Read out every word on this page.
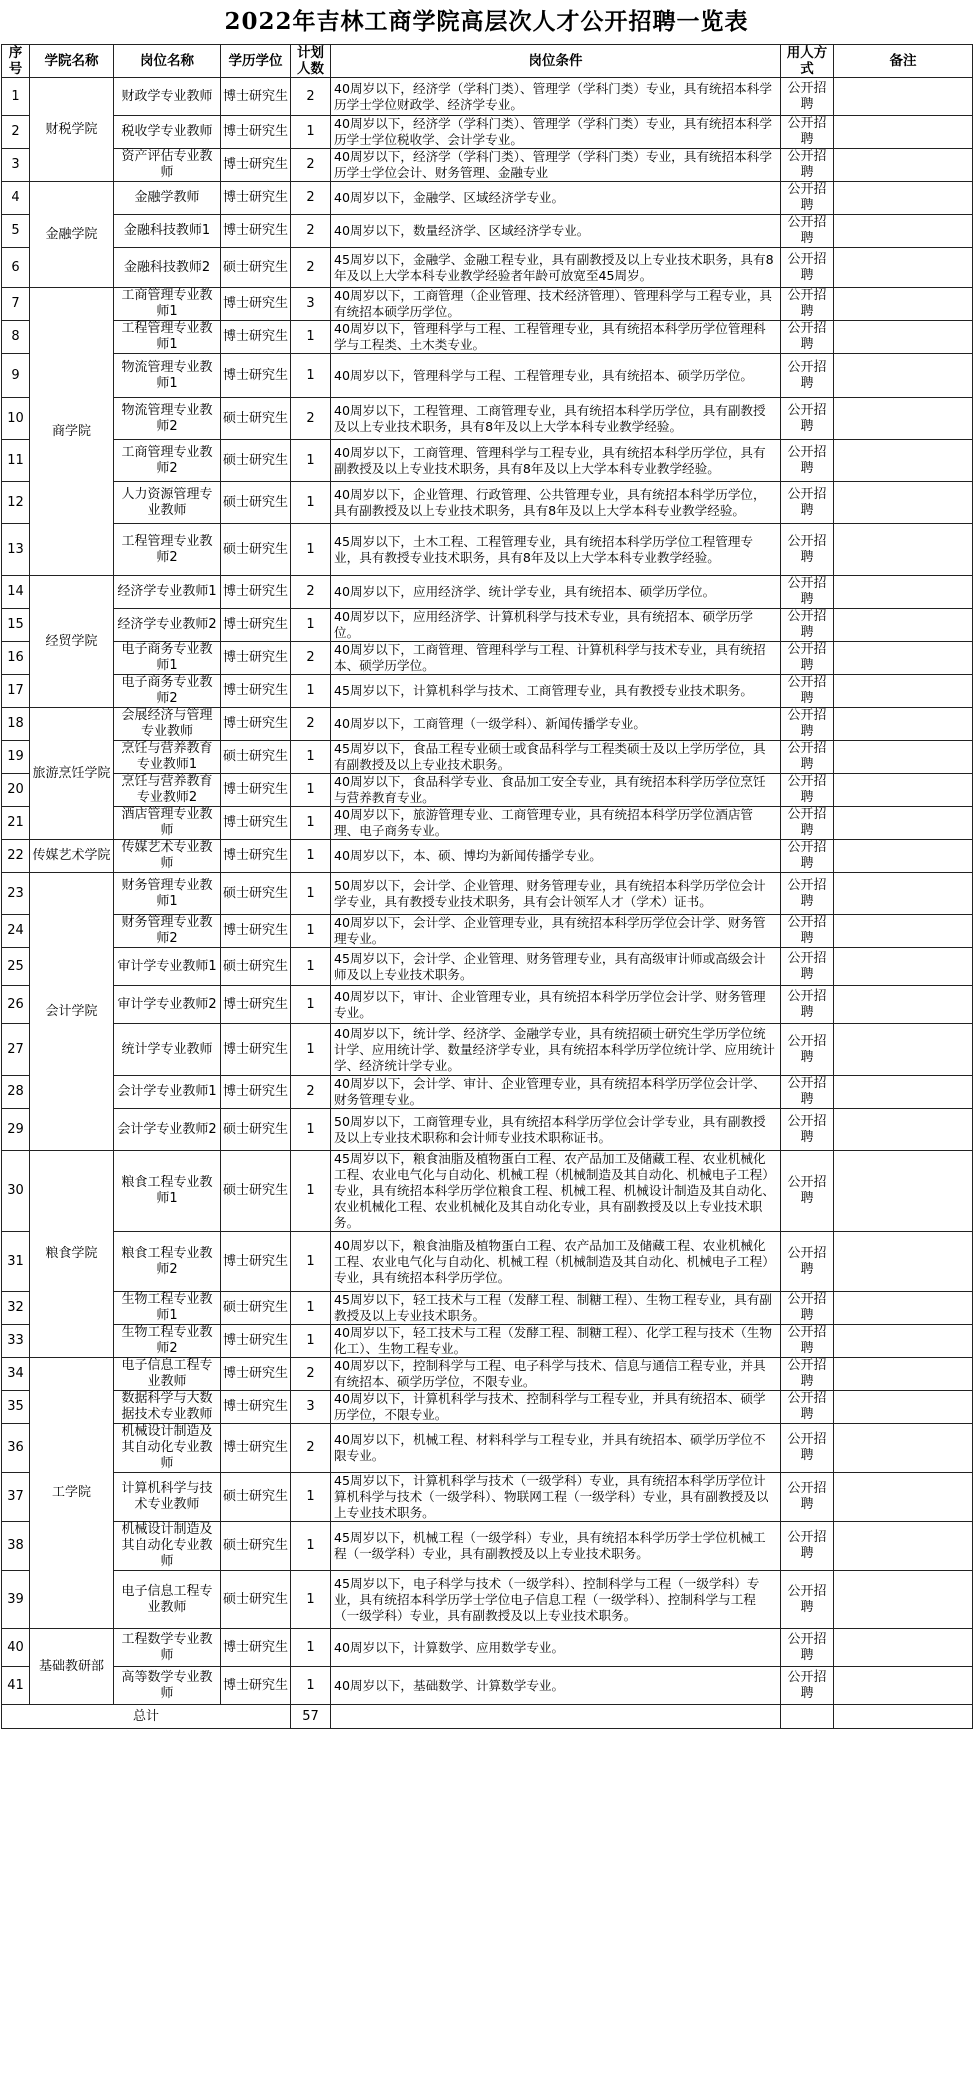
2022年吉林工商学院高层次人才公开招聘一览表
序号	学院名称	岗位名称	学历学位	计划人数	岗位条件	用人方式	备注
1	财税学院	财政学专业教师	博士研究生	2	40周岁以下，经济学（学科门类）、管理学（学科门类）专业，具有统招本科学历学士学位财政学、经济学专业。	公开招聘	
2		税收学专业教师	博士研究生	1	40周岁以下，经济学（学科门类）、管理学（学科门类）专业，具有统招本科学历学士学位税收学、会计学专业。	公开招聘	
3		资产评估专业教师	博士研究生	2	40周岁以下，经济学（学科门类）、管理学（学科门类）专业，具有统招本科学历学士学位会计、财务管理、金融专业	公开招聘	
4	金融学院	金融学教师	博士研究生	2	40周岁以下，金融学、区域经济学专业。	公开招聘	
5		金融科技教师1	博士研究生	2	40周岁以下，数量经济学、区域经济学专业。	公开招聘	
6		金融科技教师2	硕士研究生	2	45周岁以下，金融学、金融工程专业，具有副教授及以上专业技术职务，具有8年及以上大学本科专业教学经验者年龄可放宽至45周岁。	公开招聘	
7	商学院	工商管理专业教师1	博士研究生	3	40周岁以下，工商管理（企业管理、技术经济管理）、管理科学与工程专业，具有统招本硕学历学位。	公开招聘	
8		工程管理专业教师1	博士研究生	1	40周岁以下，管理科学与工程、工程管理专业，具有统招本科学历学位管理科学与工程类、土木类专业。	公开招聘	
9		物流管理专业教师1	博士研究生	1	40周岁以下，管理科学与工程、工程管理专业，具有统招本、硕学历学位。	公开招聘	
10		物流管理专业教师2	硕士研究生	2	40周岁以下，工程管理、工商管理专业，具有统招本科学历学位，具有副教授及以上专业技术职务，具有8年及以上大学本科专业教学经验。	公开招聘	
11		工商管理专业教师2	硕士研究生	1	40周岁以下，工商管理、管理科学与工程专业，具有统招本科学历学位，具有副教授及以上专业技术职务，具有8年及以上大学本科专业教学经验。	公开招聘	
12		人力资源管理专业教师	硕士研究生	1	40周岁以下，企业管理、行政管理、公共管理专业，具有统招本科学历学位，具有副教授及以上专业技术职务，具有8年及以上大学本科专业教学经验。	公开招聘	
13		工程管理专业教师2	硕士研究生	1	45周岁以下，土木工程、工程管理专业，具有统招本科学历学位工程管理专业，具有教授专业技术职务，具有8年及以上大学本科专业教学经验。	公开招聘	
14	经贸学院	经济学专业教师1	博士研究生	2	40周岁以下，应用经济学、统计学专业，具有统招本、硕学历学位。	公开招聘	
15		经济学专业教师2	博士研究生	1	40周岁以下，应用经济学、计算机科学与技术专业，具有统招本、硕学历学位。	公开招聘	
16		电子商务专业教师1	博士研究生	2	40周岁以下，工商管理、管理科学与工程、计算机科学与技术专业，具有统招本、硕学历学位。	公开招聘	
17		电子商务专业教师2	博士研究生	1	45周岁以下，计算机科学与技术、工商管理专业，具有教授专业技术职务。	公开招聘	
18	旅游烹饪学院	会展经济与管理专业教师	博士研究生	2	40周岁以下，工商管理（一级学科）、新闻传播学专业。	公开招聘	
19		烹饪与营养教育专业教师1	硕士研究生	1	45周岁以下，食品工程专业硕士或食品科学与工程类硕士及以上学历学位，具有副教授及以上专业技术职务。	公开招聘	
20		烹饪与营养教育专业教师2	博士研究生	1	40周岁以下，食品科学专业、食品加工安全专业，具有统招本科学历学位烹饪与营养教育专业。	公开招聘	
21		酒店管理专业教师	博士研究生	1	40周岁以下，旅游管理专业、工商管理专业，具有统招本科学历学位酒店管理、电子商务专业。	公开招聘	
22	传媒艺术学院	传媒艺术专业教师	博士研究生	1	40周岁以下，本、硕、博均为新闻传播学专业。	公开招聘	
23	会计学院	财务管理专业教师1	硕士研究生	1	50周岁以下，会计学、企业管理、财务管理专业，具有统招本科学历学位会计学专业，具有教授专业技术职务，具有会计领军人才（学术）证书。	公开招聘	
24		财务管理专业教师2	博士研究生	1	40周岁以下，会计学、企业管理专业，具有统招本科学历学位会计学、财务管理专业。	公开招聘	
25		审计学专业教师1	硕士研究生	1	45周岁以下，会计学、企业管理、财务管理专业，具有高级审计师或高级会计师及以上专业技术职务。	公开招聘	
26		审计学专业教师2	博士研究生	1	40周岁以下，审计、企业管理专业，具有统招本科学历学位会计学、财务管理专业。	公开招聘	
27		统计学专业教师	博士研究生	1	40周岁以下，统计学、经济学、金融学专业，具有统招硕士研究生学历学位统计学、应用统计学、数量经济学专业，具有统招本科学历学位统计学、应用统计学、经济统计学专业。	公开招聘	
28		会计学专业教师1	博士研究生	2	40周岁以下，会计学、审计、企业管理专业，具有统招本科学历学位会计学、财务管理专业。	公开招聘	
29		会计学专业教师2	硕士研究生	1	50周岁以下，工商管理专业，具有统招本科学历学位会计学专业，具有副教授及以上专业技术职称和会计师专业技术职称证书。	公开招聘	
30	粮食学院	粮食工程专业教师1	硕士研究生	1	45周岁以下，粮食油脂及植物蛋白工程、农产品加工及储藏工程、农业机械化工程、农业电气化与自动化、机械工程（机械制造及其自动化、机械电子工程）专业，具有统招本科学历学位粮食工程、机械工程、机械设计制造及其自动化、农业机械化工程、农业机械化及其自动化专业，具有副教授及以上专业技术职务。	公开招聘	
31		粮食工程专业教师2	博士研究生	1	40周岁以下，粮食油脂及植物蛋白工程、农产品加工及储藏工程、农业机械化工程、农业电气化与自动化、机械工程（机械制造及其自动化、机械电子工程）专业，具有统招本科学历学位。	公开招聘	
32		生物工程专业教师1	硕士研究生	1	45周岁以下，轻工技术与工程（发酵工程、制糖工程）、生物工程专业，具有副教授及以上专业技术职务。	公开招聘	
33		生物工程专业教师2	博士研究生	1	40周岁以下，轻工技术与工程（发酵工程、制糖工程）、化学工程与技术（生物化工）、生物工程专业。	公开招聘	
34	工学院	电子信息工程专业教师	博士研究生	2	40周岁以下，控制科学与工程、电子科学与技术、信息与通信工程专业，并具有统招本、硕学历学位，不限专业。	公开招聘	
35		数据科学与大数据技术专业教师	博士研究生	3	40周岁以下，计算机科学与技术、控制科学与工程专业，并具有统招本、硕学历学位，不限专业。	公开招聘	
36		机械设计制造及其自动化专业教师	博士研究生	2	40周岁以下，机械工程、材料科学与工程专业，并具有统招本、硕学历学位不限专业。	公开招聘	
37		计算机科学与技术专业教师	硕士研究生	1	45周岁以下，计算机科学与技术（一级学科）专业，具有统招本科学历学位计算机科学与技术（一级学科）、物联网工程（一级学科）专业，具有副教授及以上专业技术职务。	公开招聘	
38		机械设计制造及其自动化专业教师	硕士研究生	1	45周岁以下，机械工程（一级学科）专业，具有统招本科学历学士学位机械工程（一级学科）专业，具有副教授及以上专业技术职务。	公开招聘	
39		电子信息工程专业教师	硕士研究生	1	45周岁以下，电子科学与技术（一级学科）、控制科学与工程（一级学科）专业，具有统招本科学历学士学位电子信息工程（一级学科）、控制科学与工程（一级学科）专业，具有副教授及以上专业技术职务。	公开招聘	
40	基础教研部	工程数学专业教师	博士研究生	1	40周岁以下，计算数学、应用数学专业。	公开招聘	
41		高等数学专业教师	博士研究生	1	40周岁以下，基础数学、计算数学专业。	公开招聘	
总计				57			
